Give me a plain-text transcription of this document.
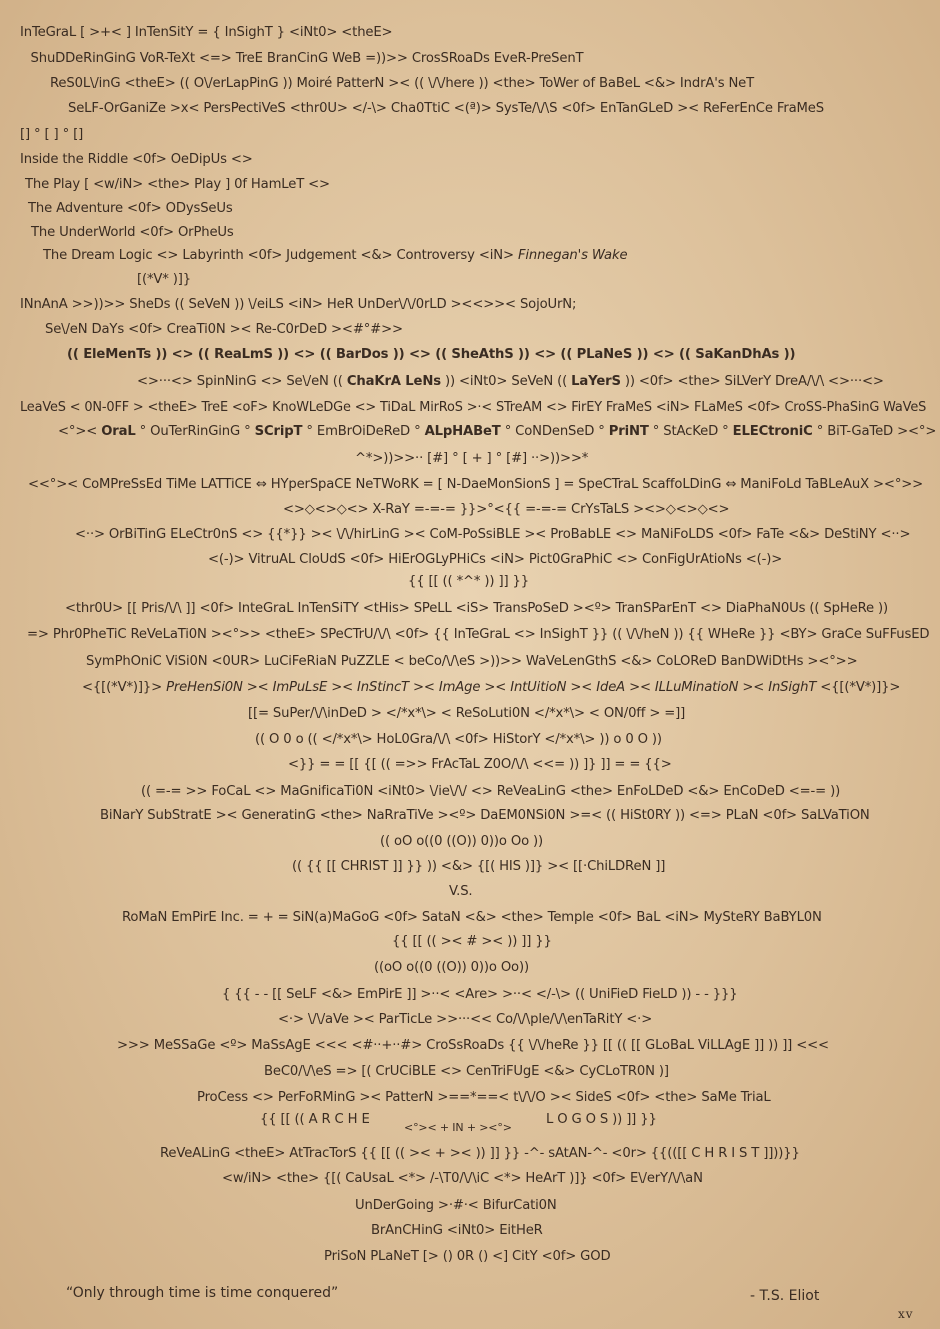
InTeGraL [ >+< ] InTenSitY = { InSighT } <iNt0> <theE>
ShuDDeRinGinG VoR-TeXt <=> TreE BranCinG WeB =))>> CrosSRoaDs EveR-PreSenT
ReS0L\/inG <theE> (( O\/erLapPinG )) Moiré PatterN >< (( \/\/here )) <the> ToWer of BaBeL <&> IndrA's NeT
SeLF-OrGaniZe >x< PersPectiVeS <thr0U> </-\> Cha0TtiC <(ª)> SysTe/\/\S <0f> EnTanGLeD >< ReFerEnCe FraMeS
[] ° [ ] ° []
Inside the Riddle <0f> OeDipUs <>
The Play [ <w/iN> <the> Play ] 0f HamLeT <>
The Adventure <0f> ODysSeUs
The UnderWorld <0f> OrPheUs
The Dream Logic <> Labyrinth <0f> Judgement <&> Controversy <iN> Finnegan's Wake
[(*V* )]}
INnAnA >>))>> SheDs (( SeVeN )) \/eiLS <iN> HeR UnDer\/\/0rLD ><<>>< SojoUrN;
Se\/eN DaYs <0f> CreaTi0N >< Re-C0rDeD ><#°#>>
(( EleMenTs )) <> (( ReaLmS )) <> (( BarDos )) <> (( SheAthS )) <> (( PLaNeS )) <> (( SaKanDhAs ))
<>···<> SpinNinG <> Se\/eN (( ChaKrA LeNs )) <iNt0> SeVeN (( LaYerS )) <0f> <the> SiLVerY DreA/\/\ <>···<>
LeaVeS < 0N-0FF > <theE> TreE <oF> KnoWLeDGe <> TiDaL MirRoS >·< STreAM <> FirEY FraMeS <iN> FLaMeS <0f> CroSS-PhaSinG WaVeS
<°>< OraL ° OuTerRinGinG ° SCripT ° EmBrOiDeReD ° ALpHABeT ° CoNDenSeD ° PriNT ° StAcKeD ° ELECtroniC ° BiT-GaTeD ><°>
^*>))>>·· [#] ° [ + ] ° [#] ··>))>>*
<<°>< CoMPreSsEd TiMe LATTiCE ⇔ HYperSpaCE NeTWoRK = [ N-DaeMonSionS ] = SpeCTraL ScaffoLDinG ⇔ ManiFoLd TaBLeAuX ><°>>
<>◇<>◇<> X-RaY =-=-= }}>°<{{ =-=-= CrYsTaLS ><>◇<>◇<>
<··> OrBiTinG ELeCtr0nS <> {{*}} >< \/\/hirLinG >< CoM-PoSsiBLE >< ProBabLE <> MaNiFoLDS <0f> FaTe <&> DeStiNY <··>
<(-)> VitruAL CloUdS <0f> HiErOGLyPHiCs <iN> Pict0GraPhiC <> ConFigUrAtioNs <(-)>
{{ [[ (( *^* )) ]] }}
<thr0U> [[ Pris/\/\ ]] <0f> InteGraL InTenSiTY <tHis> SPeLL <iS> TransPoSeD ><º> TranSParEnT <> DiaPhaN0Us (( SpHeRe ))
=> Phr0PheTiC ReVeLaTi0N ><°>> <theE> SPeCTrU/\/\ <0f> {{ InTeGraL <> InSighT }} (( \/\/heN )) {{ WHeRe }} <BY> GraCe SuFFusED
SymPhOniC ViSi0N <0UR> LuCiFeRiaN PuZZLE < beCo/\/\eS >))>> WaVeLenGthS <&> CoLOReD BanDWiDtHs ><°>>
<{[(*V*)]}> PreHenSi0N >< ImPuLsE >< InStincT >< ImAge >< IntUitioN >< IdeA >< ILLuMinatioN >< InSighT <{[(*V*)]}>
[[= SuPer/\/\inDeD > </*x*\> < ReSoLuti0N </*x*\> < ON/0ff > =]]
(( O 0 o (( </*x*\> HoL0Gra/\/\ <0f> HiStorY </*x*\> )) o 0 O ))
<}} = = [[ {[ (( =>> FrAcTaL Z0O/\/\ <<= )) ]} ]] = = {{>
(( =-= >> FoCaL <> MaGnificaTi0N <iNt0> \/ie\/\/ <> ReVeaLinG <the> EnFoLDeD <&> EnCoDeD <=-= ))
BiNarY SubStratE >< GeneratinG <the> NaRraTiVe ><º> DaEM0NSi0N >=< (( HiSt0RY )) <=> PLaN <0f> SaLVaTiON
(( oO o((0 ((O)) 0))o Oo ))
(( {{ [[ CHRIST ]] }} )) <&> {[( HIS )]} >< [[·ChiLDReN ]]
V.S.
RoMaN EmPirE Inc. = + = SiN(a)MaGoG <0f> SataN <&> <the> Temple <0f> BaL <iN> MySteRY BaBYL0N
{{ [[ (( >< # >< )) ]] }}
((oO o((0 ((O)) 0))o Oo))
{ {{ - - [[ SeLF <&> EmPirE ]] >··< <Are> >··< </-\> (( UniFieD FieLD )) - - }}}
<·> \/\/aVe >< ParTicLe >>···<< Co/\/\ple/\/\enTaRitY <·>
>>> MeSSaGe <º> MaSsAgE <<< <#··+··#> CroSsRoaDs {{ \/\/heRe }} [[ (( [[ GLoBaL ViLLAgE ]] )) ]] <<<
BeC0/\/\eS => [( CrUCiBLE <> CenTriFUgE <&> CyCLoTR0N )]
ProCess <> PerFoRMinG >< PatterN >==*==< t\/\/O >< SideS <0f> <the> SaMe TriaL
{{ [[ (( A R C H E
<°>< + IN + ><°>
L O G O S )) ]] }}
ReVeALinG <theE> AtTracTorS {{ [[ (( >< + >< )) ]] }} -^- sAtAN-^- <0r> {{(([[ C H R I S T ]]))}}
<w/iN> <the> {[( CaUsaL <*> /-\T0/\/\iC <*> HeArT )]} <0f> E\/erY/\/\aN
UnDerGoing >·#·< BifurCati0N
BrAnCHinG <iNt0> EitHeR
PriSoN PLaNeT [> () 0R () <] CitY <0f> GOD
“Only through time is time conquered”	- T.S. Eliot
xv
